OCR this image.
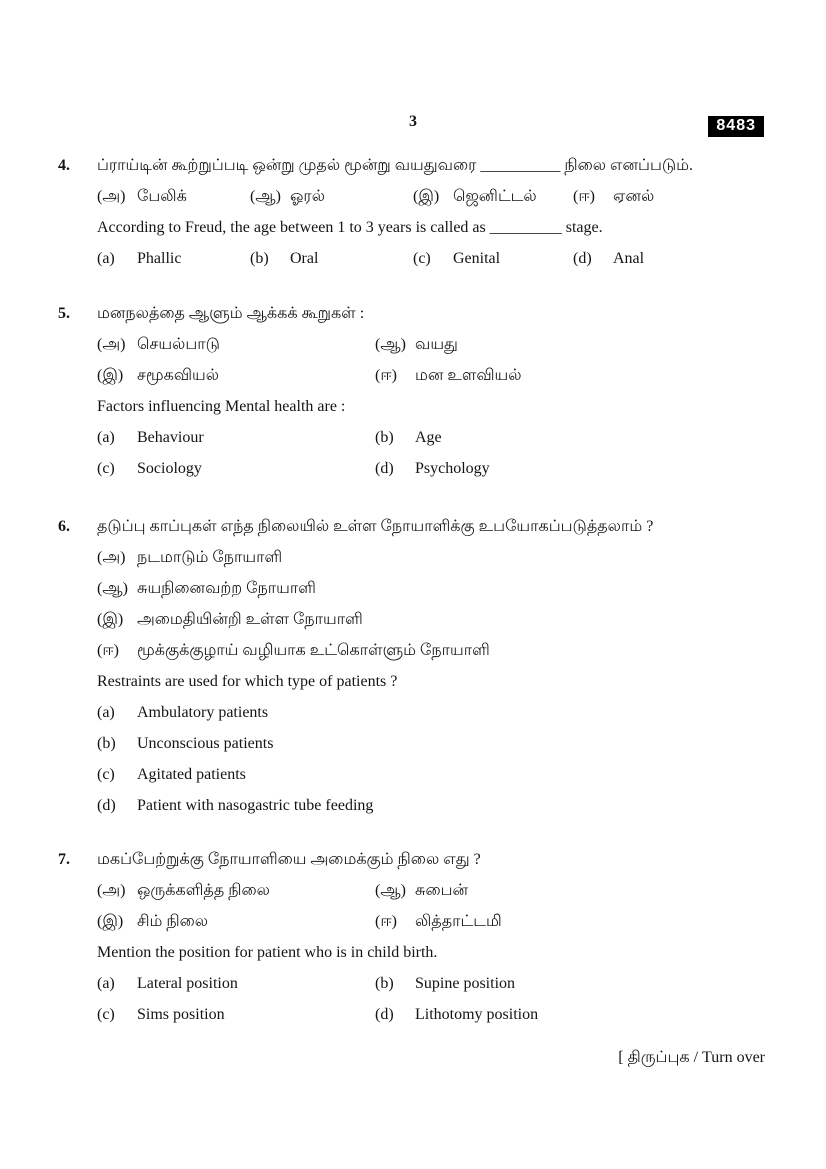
3	8483
4.	ப்ராய்டின் கூற்றுப்படி ஒன்று முதல் மூன்று வயதுவரை __________ நிலை எனப்படும்.
(அ) பேலிக்	(ஆ) ஓரல்	(இ) ஜெனிட்டல்	(ஈ) ஏனல்
According to Freud, the age between 1 to 3 years is called as _________ stage.
(a) Phallic	(b) Oral	(c) Genital	(d) Anal
5.	மனநலத்தை ஆளும் ஆக்கக் கூறுகள் :
(அ) செயல்பாடு	(ஆ) வயது
(இ) சமூகவியல்	(ஈ) மன உளவியல்
Factors influencing Mental health are :
(a) Behaviour	(b) Age
(c) Sociology	(d) Psychology
6.	தடுப்பு காப்புகள் எந்த நிலையில் உள்ள நோயாளிக்கு உபயோகப்படுத்தலாம் ?
(அ) நடமாடும் நோயாளி
(ஆ) சுயநினைவற்ற நோயாளி
(இ) அமைதியின்றி உள்ள நோயாளி
(ஈ) மூக்குக்குழாய் வழியாக உட்கொள்ளும் நோயாளி
Restraints are used for which type of patients ?
(a) Ambulatory patients
(b) Unconscious patients
(c) Agitated patients
(d) Patient with nasogastric tube feeding
7.	மகப்பேற்றுக்கு நோயாளியை அமைக்கும் நிலை எது ?
(அ) ஒருக்களித்த நிலை	(ஆ) சுபைன்
(இ) சிம் நிலை	(ஈ) லித்தாட்டமி
Mention the position for patient who is in child birth.
(a) Lateral position	(b) Supine position
(c) Sims position	(d) Lithotomy position
[ திருப்புக / Turn over
